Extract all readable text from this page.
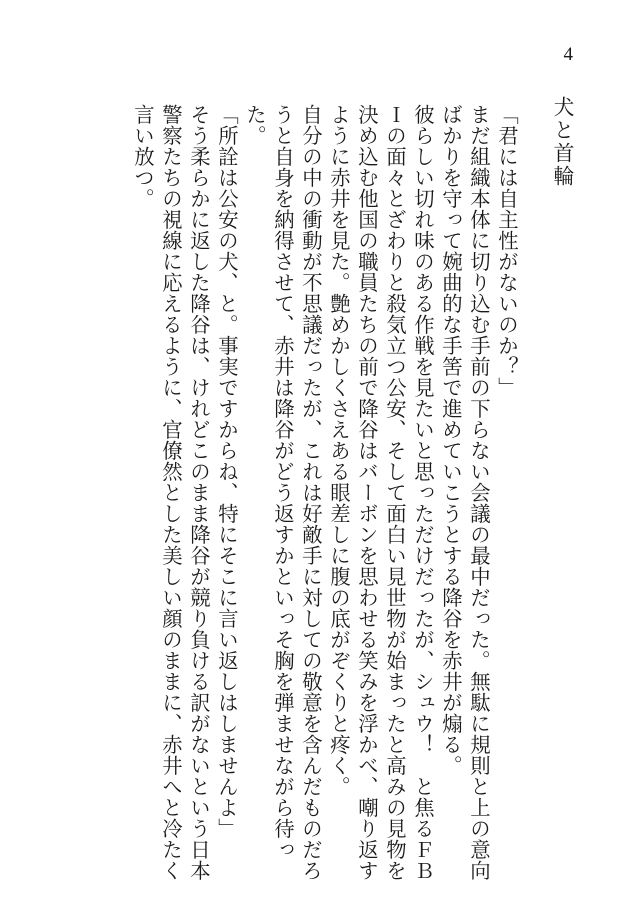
4
犬と首輪

「君には自主性がないのか？」

まだ組織本体に切り込む手前の下らない会議の最中だった。無駄に規則と上の意向ばかりを守って婉曲的な手筈で進めていこうとする降谷を赤井が煽る。

彼らしい切れ味のある作戦を見たいと思っただけだったが、シュウ！　と焦るＦＢＩの面々とざわりと殺気立つ公安、そして面白い見世物が始まったと高みの見物を決め込む他国の職員たちの前で降谷はバーボンを思わせる笑みを浮かべ、嘲り返すように赤井を見た。艶めかしくさえある眼差しに腹の底がぞくりと疼く。

自分の中の衝動が不思議だったが、これは好敵手に対しての敬意を含んだものだろうと自身を納得させて、赤井は降谷がどう返すかといっそ胸を弾ませながら待った。

「所詮は公安の犬、と。事実ですからね、特にそこに言い返しはしませんよ」

そう柔らかに返した降谷は、けれどこのまま降谷が競り負ける訳がないという日本警察たちの視線に応えるように、官僚然とした美しい顔のままに、赤井へと冷たく言い放つ。
